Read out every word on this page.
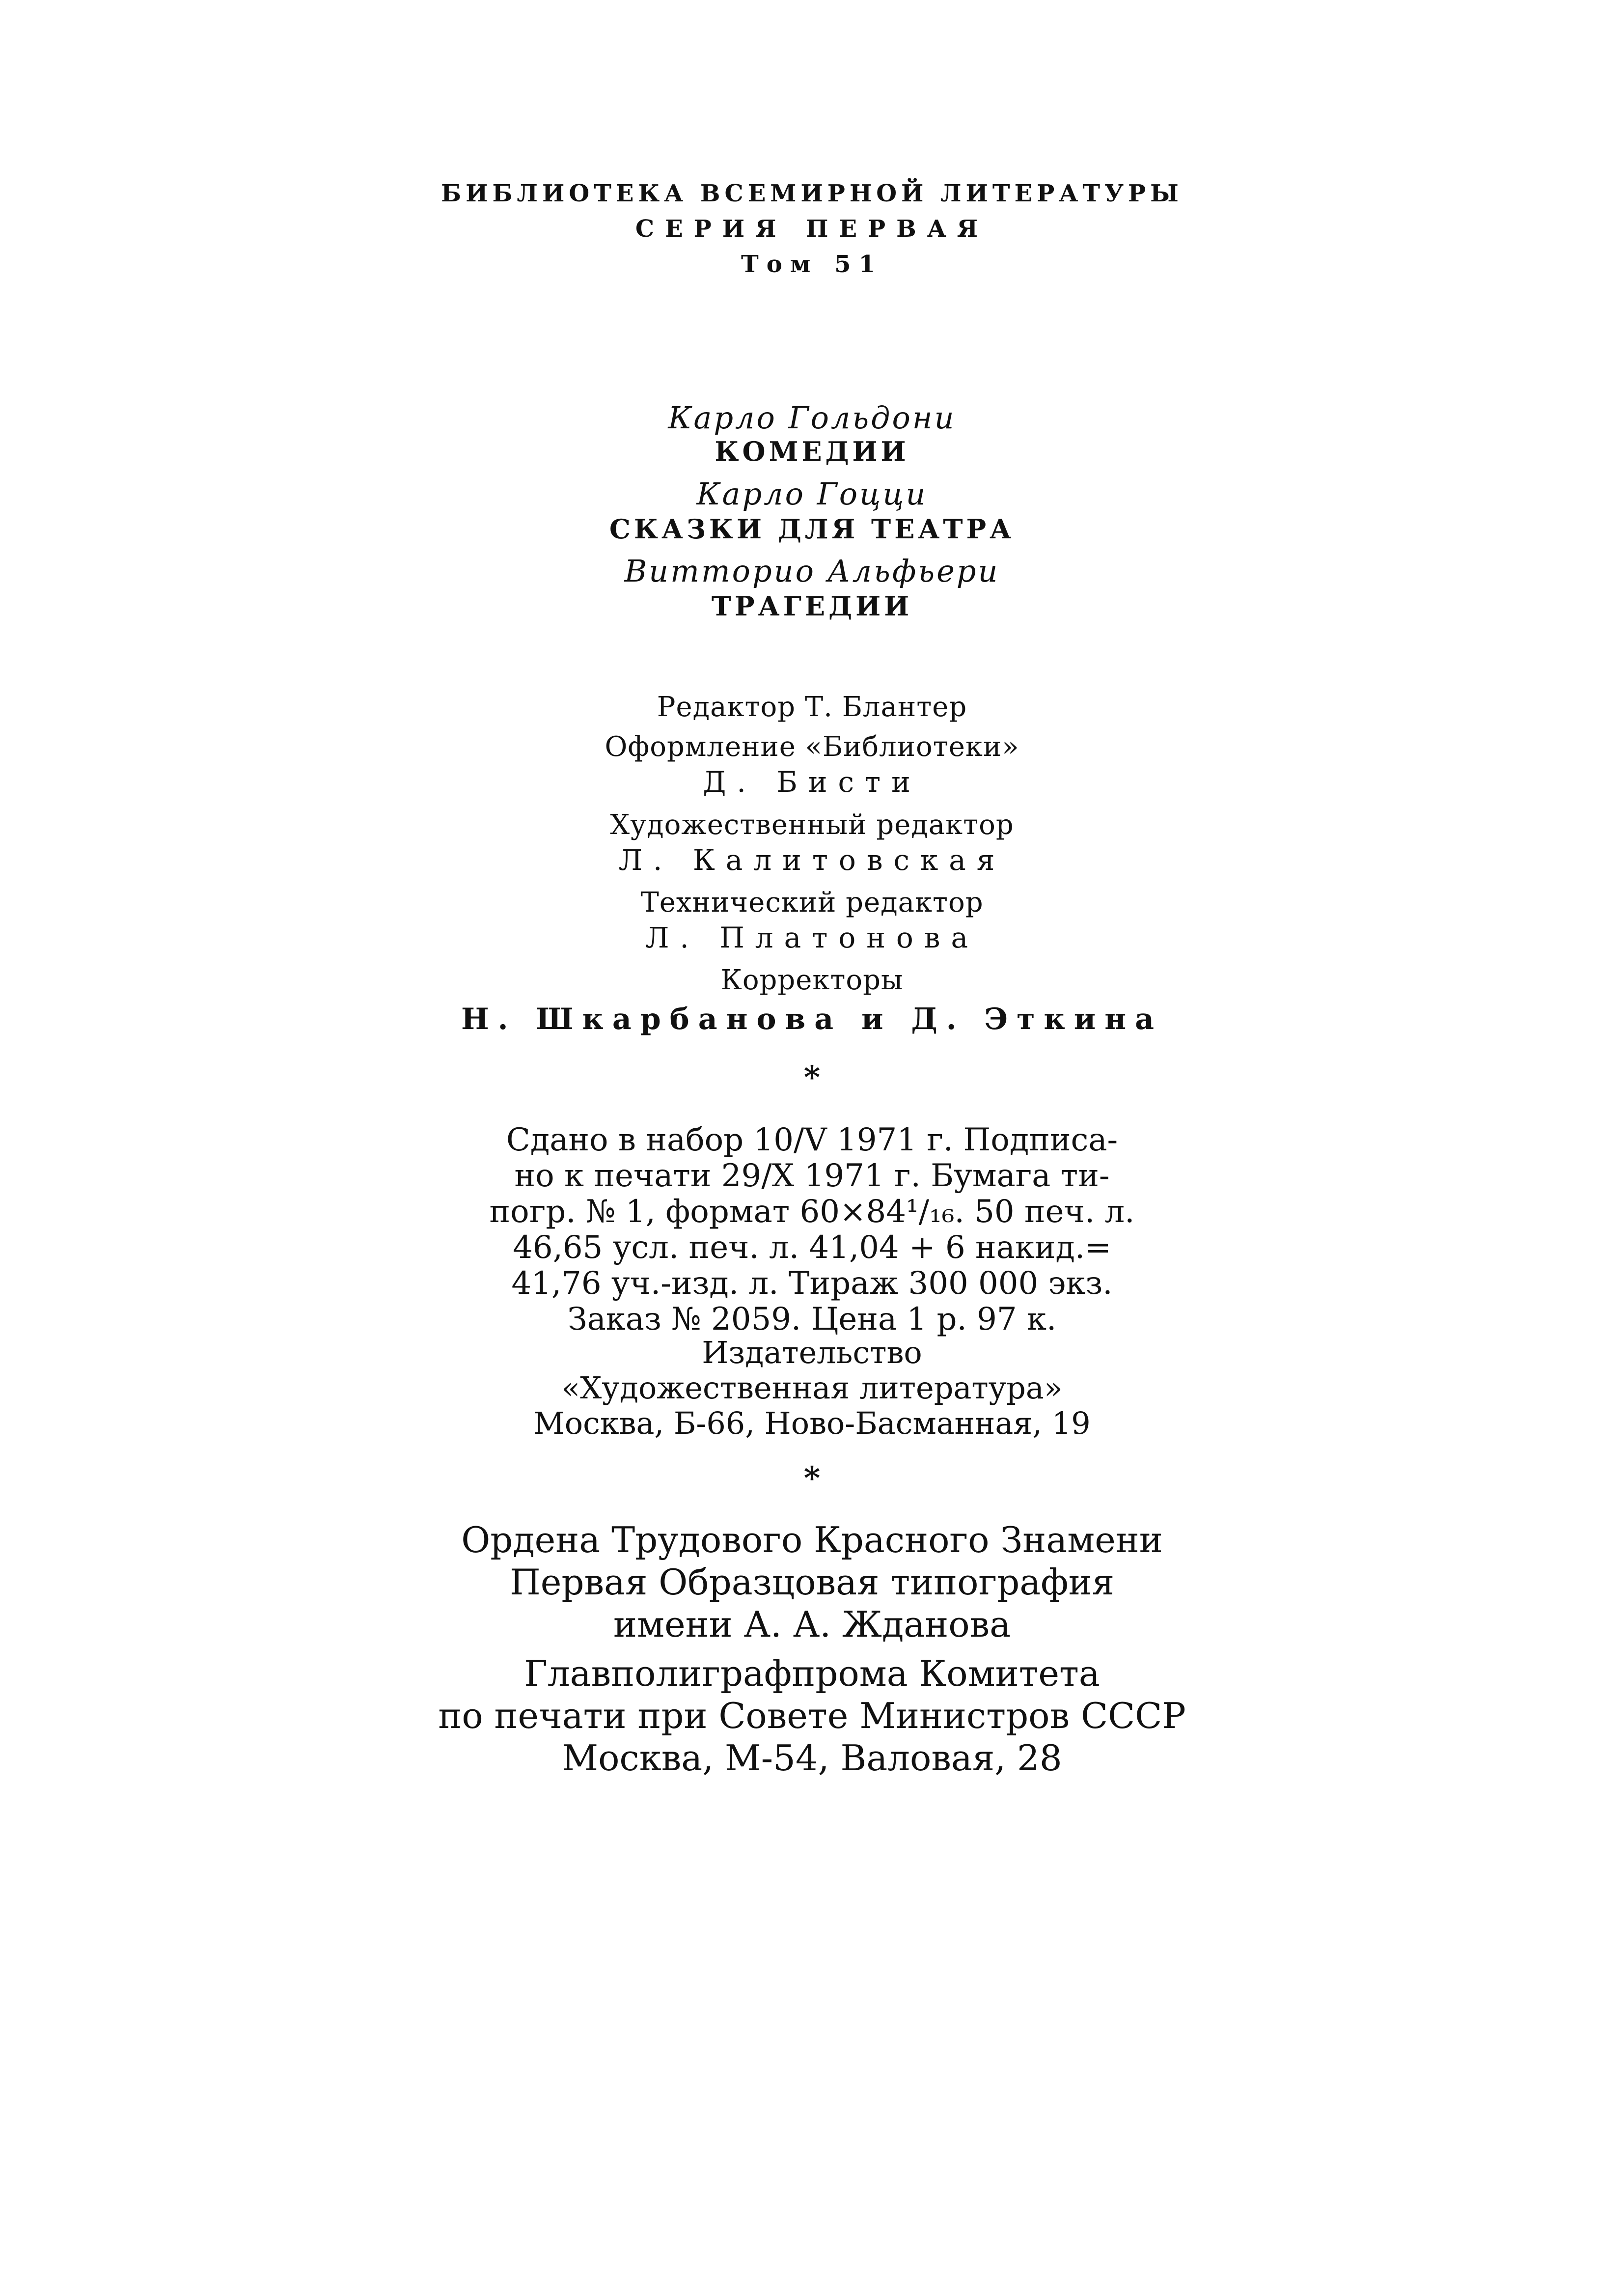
БИБЛИОТЕКА ВСЕМИРНОЙ ЛИТЕРАТУРЫ
СЕРИЯ ПЕРВАЯ
Том 51
Карло Гольдони
КОМЕДИИ
Карло Гоцци
СКАЗКИ ДЛЯ ТЕАТРА
Витторио Альфьери
ТРАГЕДИИ
Редактор Т. Блантер
Оформление «Библиотеки»
Д. Бисти
Художественный редактор
Л. Калитовская
Технический редактор
Л. Платонова
Корректоры
Н. Шкарбанова и Д. Эткина
*
Сдано в набор 10/V 1971 г. Подписа-
но к печати 29/X 1971 г. Бумага ти-
погр. № 1, формат 60×84¹/₁₆. 50 печ. л.
46,65 усл. печ. л. 41,04 + 6 накид.=
41,76 уч.-изд. л. Тираж 300 000 экз.
Заказ № 2059. Цена 1 р. 97 к.
Издательство
«Художественная литература»
Москва, Б-66, Ново-Басманная, 19
*
Ордена Трудового Красного Знамени
Первая Образцовая типография
имени А. А. Жданова
Главполиграфпрома Комитета
по печати при Совете Министров СССР
Москва, М-54, Валовая, 28
